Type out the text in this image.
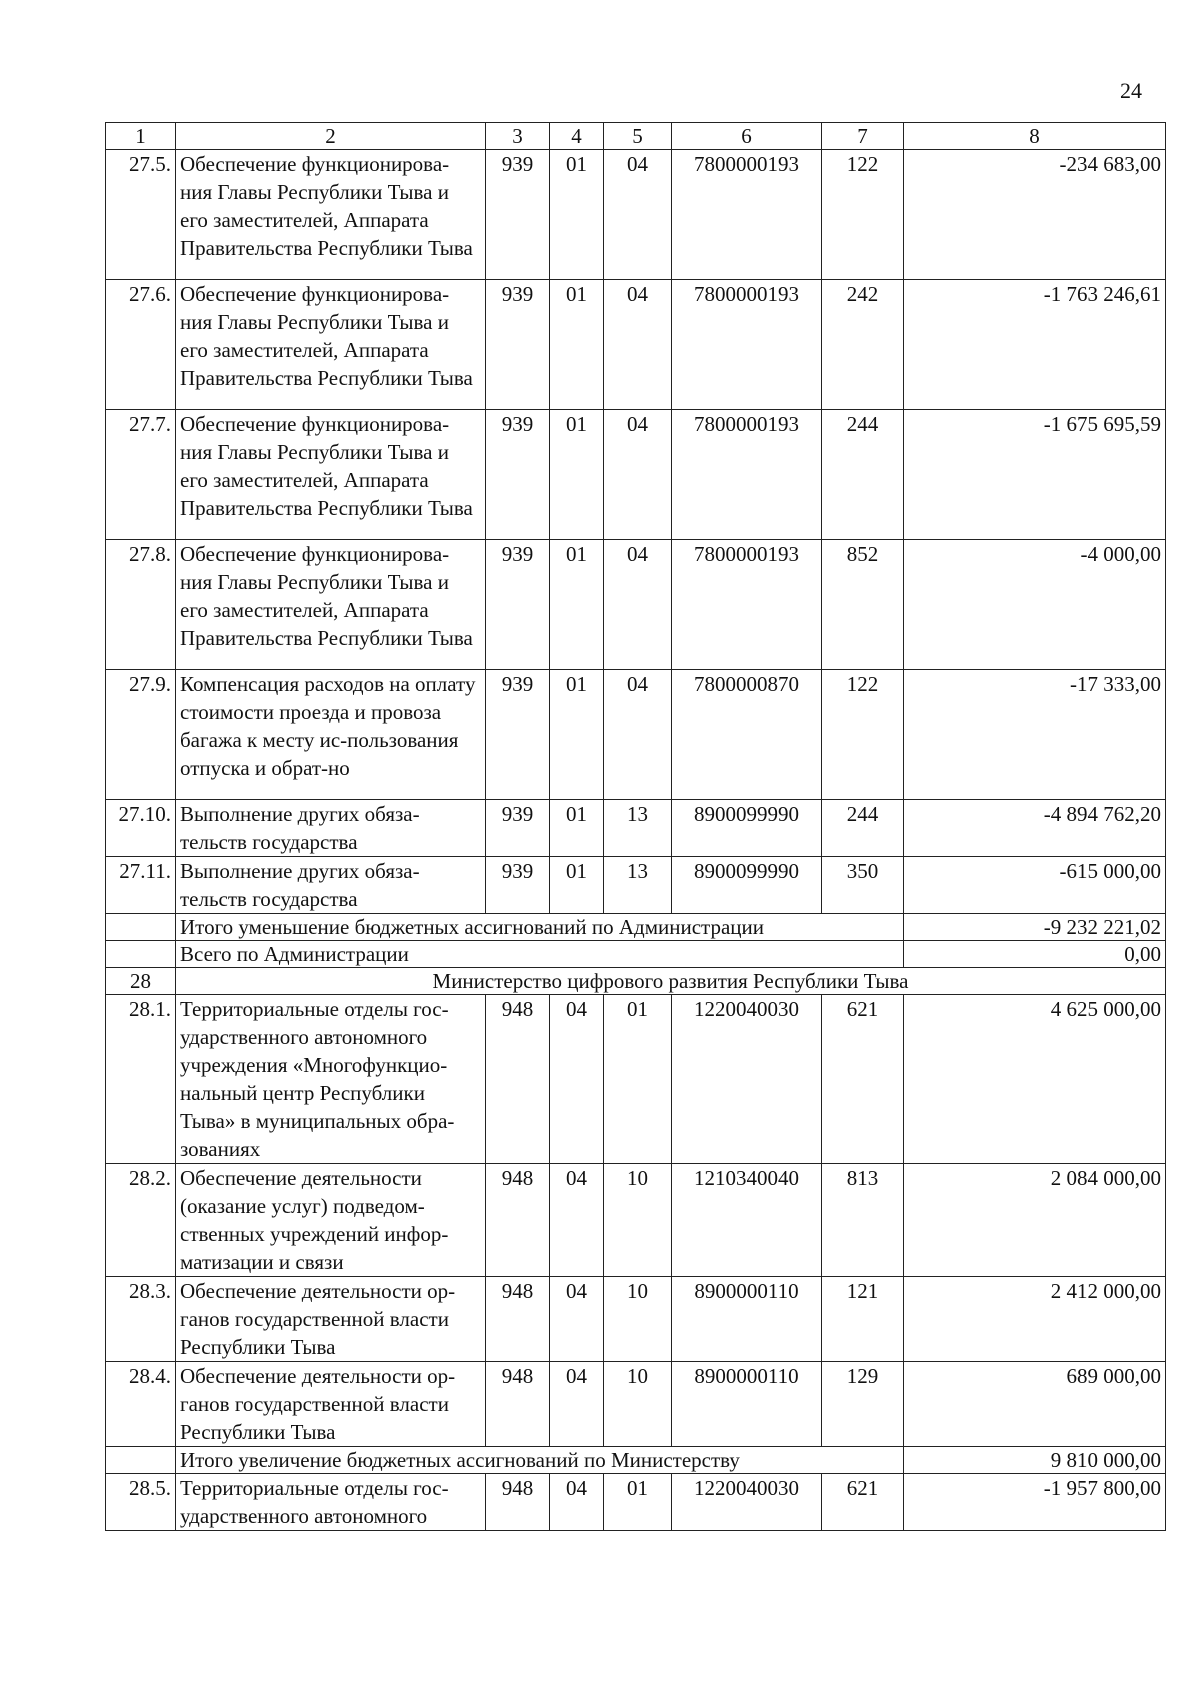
24
1	2	3	4	5	6	7	8
27.5.	Обеспечение функционирова-ния Главы Республики Тыва и его заместителей, Аппарата Правительства Республики Тыва	939	01	04	7800000193	122	-234 683,00
27.6.	Обеспечение функционирова-ния Главы Республики Тыва и его заместителей, Аппарата Правительства Республики Тыва	939	01	04	7800000193	242	-1 763 246,61
27.7.	Обеспечение функционирова-ния Главы Республики Тыва и его заместителей, Аппарата Правительства Республики Тыва	939	01	04	7800000193	244	-1 675 695,59
27.8.	Обеспечение функционирова-ния Главы Республики Тыва и его заместителей, Аппарата Правительства Республики Тыва	939	01	04	7800000193	852	-4 000,00
27.9.	Компенсация расходов на оплату стоимости проезда и провоза багажа к месту ис-пользования отпуска и обрат-но	939	01	04	7800000870	122	-17 333,00
27.10.	Выполнение других обяза-тельств государства	939	01	13	8900099990	244	-4 894 762,20
27.11.	Выполнение других обяза-тельств государства	939	01	13	8900099990	350	-615 000,00
	Итого уменьшение бюджетных ассигнований по Администрации						-9 232 221,02
	Всего по Администрации						0,00
28	Министерство цифрового развития Республики Тыва						
28.1.	Территориальные отделы гос-ударственного автономного учреждения «Многофункцио-нальный центр Республики Тыва» в муниципальных обра-зованиях	948	04	01	1220040030	621	4 625 000,00
28.2.	Обеспечение деятельности (оказание услуг) подведом-ственных учреждений инфор-матизации и связи	948	04	10	1210340040	813	2 084 000,00
28.3.	Обеспечение деятельности ор-ганов государственной власти Республики Тыва	948	04	10	8900000110	121	2 412 000,00
28.4.	Обеспечение деятельности ор-ганов государственной власти Республики Тыва	948	04	10	8900000110	129	689 000,00
	Итого увеличение бюджетных ассигнований по Министерству						9 810 000,00
28.5.	Территориальные отделы гос-ударственного автономного	948	04	01	1220040030	621	-1 957 800,00
